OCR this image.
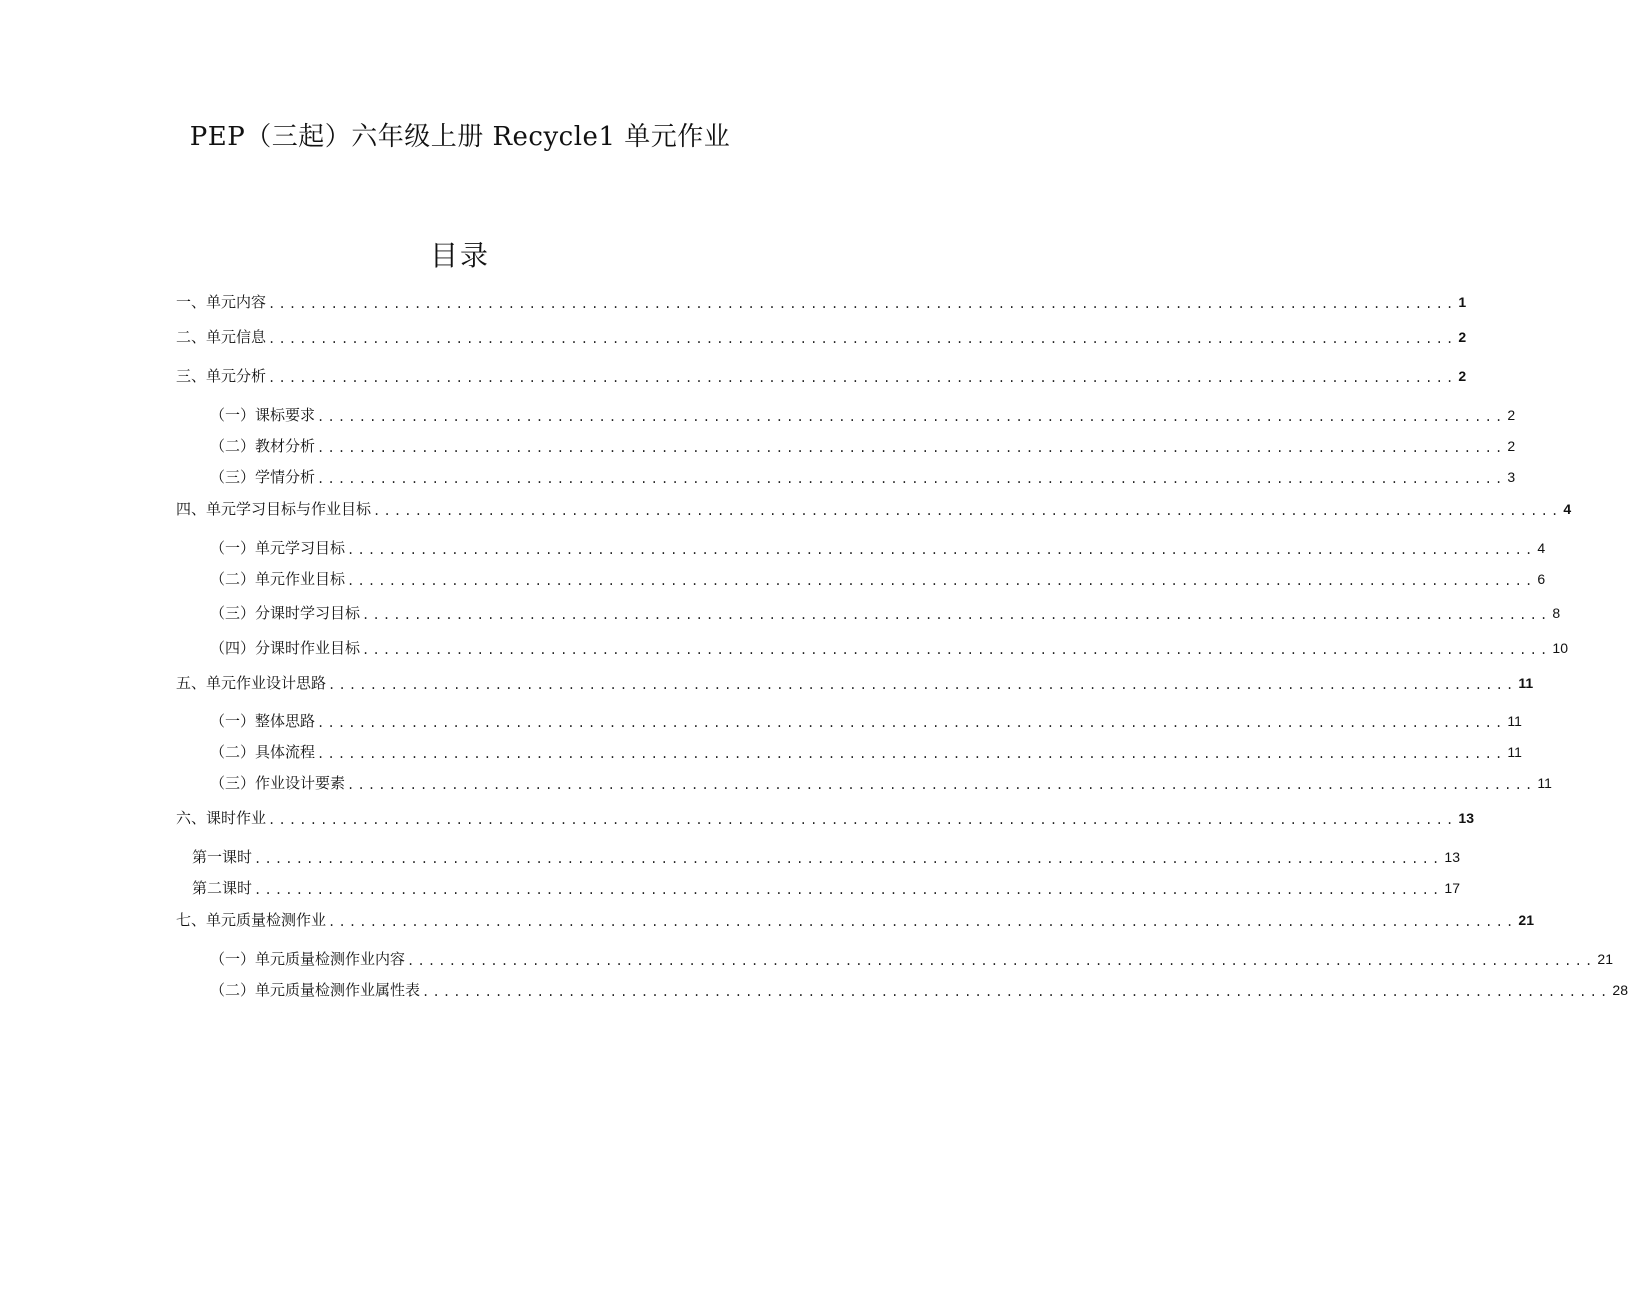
PEP（三起）六年级上册 Recycle1 单元作业
目录
一、单元内容 .................................................................................................................. 1
二、单元信息 .................................................................................................................. 2
三、单元分析 .................................................................................................................. 2
（一）课标要求 .................................................................................................................. 2
（二）教材分析 .................................................................................................................. 2
（三）学情分析 .................................................................................................................. 3
四、单元学习目标与作业目标 .................................................................................................................. 4
（一）单元学习目标 .................................................................................................................. 4
（二）单元作业目标 .................................................................................................................. 6
（三）分课时学习目标 .................................................................................................................. 8
（四）分课时作业目标 .................................................................................................................. 10
五、单元作业设计思路 .................................................................................................................. 11
（一）整体思路 .................................................................................................................. 11
（二）具体流程 .................................................................................................................. 11
（三）作业设计要素 .................................................................................................................. 11
六、课时作业 .................................................................................................................. 13
第一课时 .................................................................................................................. 13
第二课时 .................................................................................................................. 17
七、单元质量检测作业 .................................................................................................................. 21
（一）单元质量检测作业内容 .................................................................................................................. 21
（二）单元质量检测作业属性表 .................................................................................................................. 28
